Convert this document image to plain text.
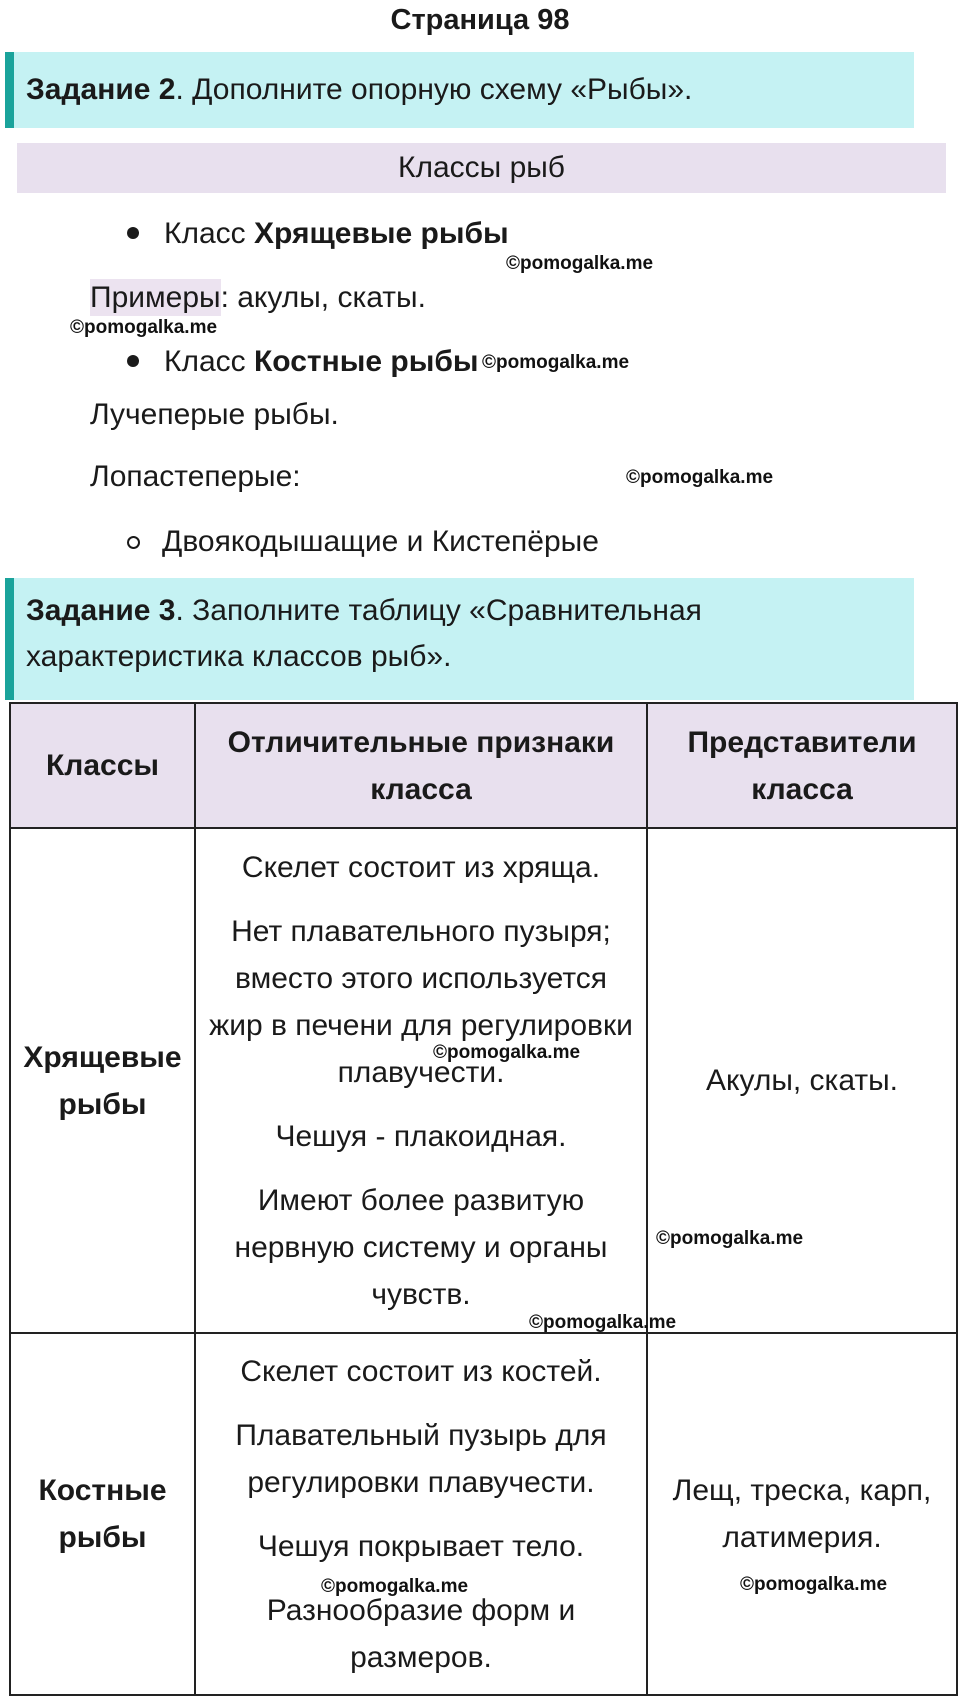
Страница 98
Задание 2. Дополните опорную схему «Рыбы».
Классы рыб
Класс Хрящевые рыбы
Примеры: акулы, скаты.
Класс Костные рыбы
Лучеперые рыбы.
Лопастеперые:
Двоякодышащие и Кистепёрые
Задание 3. Заполните таблицу «Сравнительная
характеристика классов рыб».
Классы	Отличительные признаки класса	Представители класса
Хрящевые рыбы	Скелет состоит из хряща.

Нет плавательного пузыря; вместо этого используется жир в печени для регулировки плавучести.

Чешуя - плакоидная.

Имеют более развитую нервную систему и органы чувств.	Акулы, скаты.
Костные рыбы	Скелет состоит из костей.

Плавательный пузырь для регулировки плавучести.

Чешуя покрывает тело.

Разнообразие форм и размеров.	Лещ, треска, карп, латимерия.
©pomogalka.me
©pomogalka.me
©pomogalka.me
©pomogalka.me
©pomogalka.me
©pomogalka.me
©pomogalka.me
©pomogalka.me	©pomogalka.me
